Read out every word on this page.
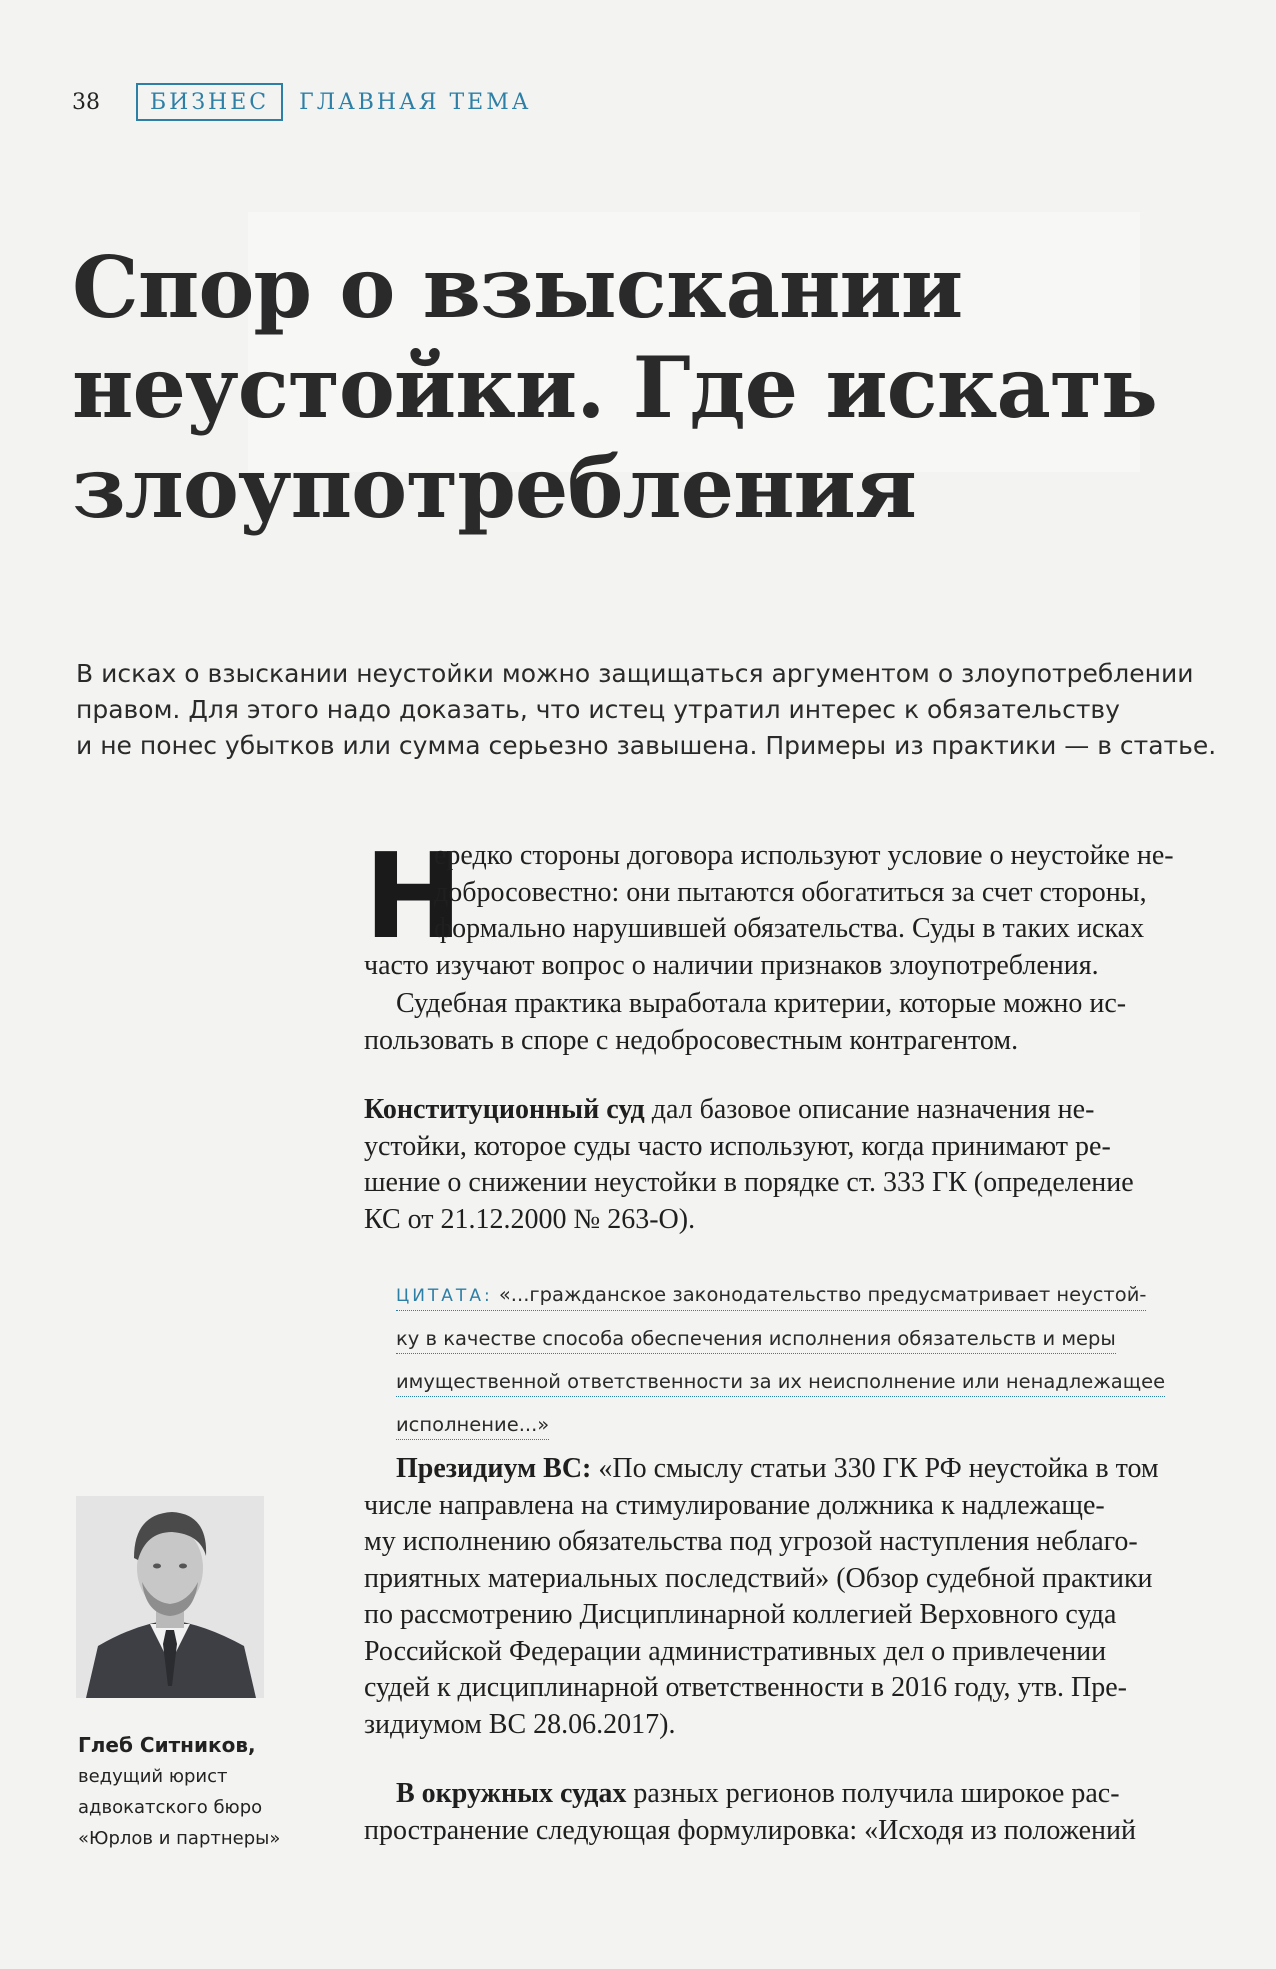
38	БИЗНЕС	ГЛАВНАЯ ТЕМА
Спор о взыскании
неустойки. Где искать
злоупотребления
В исках о взыскании неустойки можно защищаться аргументом о злоупотреблении
правом. Для этого надо доказать, что истец утратил интерес к обязательству
и не понес убытков или сумма серьезно завышена. Примеры из практики — в статье.
Н
ередко стороны договора используют условие о неустойке не-
добросовестно: они пытаются обогатиться за счет стороны,
формально нарушившей обязательства. Суды в таких исках
часто изучают вопрос о наличии признаков злоупотребления.
Судебная практика выработала критерии, которые можно ис-
пользовать в споре с недобросовестным контрагентом.
Конституционный суд дал базовое описание назначения не-
устойки, которое суды часто используют, когда принимают ре-
шение о снижении неустойки в порядке ст. 333 ГК (определение
КС от 21.12.2000 № 263-О).
ЦИТАТА: «...гражданское законодательство предусматривает неустой-
ку в качестве способа обеспечения исполнения обязательств и меры
имущественной ответственности за их неисполнение или ненадлежащее
исполнение...»
Президиум ВС: «По смыслу статьи 330 ГК РФ неустойка в том
числе направлена на стимулирование должника к надлежаще-
му исполнению обязательства под угрозой наступления неблаго-
приятных материальных последствий» (Обзор судебной практики
по рассмотрению Дисциплинарной коллегией Верховного суда
Российской Федерации административных дел о привлечении
судей к дисциплинарной ответственности в 2016 году, утв. Пре-
зидиумом ВС 28.06.2017).
В окружных судах разных регионов получила широкое рас-
пространение следующая формулировка: «Исходя из положений
Глеб Ситников,
ведущий юрист
адвокатского бюро
«Юрлов и партнеры»
